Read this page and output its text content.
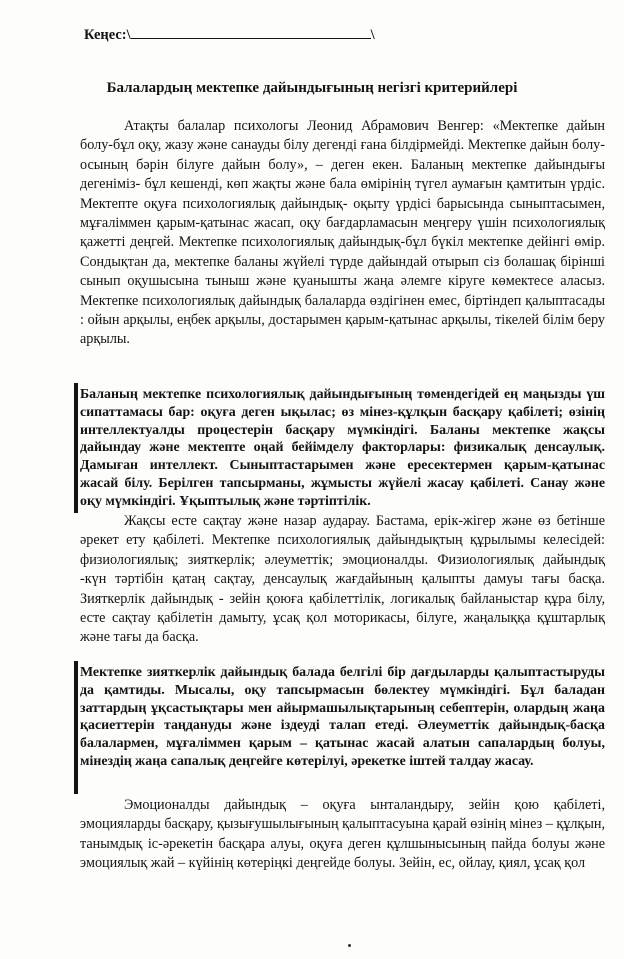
Кеңес:\	\
Балалардың мектепке дайындығының негізгі критерийлері

Атақты балалар психологы Леонид Абрамович Венгер: «Мектепке дайын болу-бұл оқу, жазу және санауды білу дегенді ғана білдірмейді. Мектепке дайын болу-осының бәрін білуге дайын болу», – деген екен. Баланың мектепке дайындығы дегеніміз- бұл кешенді, көп жақты және бала өмірінің түгел аумағын қамтитын үрдіс. Мектепте оқуға психологиялық дайындық- оқыту үрдісі барысында сыныптасымен, мұғаліммен қарым-қатынас жасап, оқу бағдарламасын меңгеру үшін психологиялық қажетті деңгей. Мектепке психологиялық дайындық-бұл бүкіл мектепке дейінгі өмір. Сондықтан да, мектепке баланы жүйелі түрде дайындай отырып сіз болашақ бірінші сынып оқушысына тыныш және қуанышты жаңа әлемге кіруге көмектесе аласыз. Мектепке психологиялық дайындық балаларда өздігінен емес, біртіндеп қалыптасады : ойын арқылы, еңбек арқылы, достарымен қарым-қатынас арқылы, тікелей білім беру арқылы.

Баланың мектепке психологиялық дайындығының төмендегідей ең маңызды үш сипаттамасы бар: оқуға деген ықылас; өз мінез-құлқын басқару қабілеті; өзінің интеллектуалды процестерін басқару мүмкіндігі. Баланы мектепке жақсы дайындау және мектепте оңай бейімделу факторлары: физикалық денсаулық. Дамыған интеллект. Сыныптастарымен және ересектермен қарым-қатынас жасай білу. Берілген тапсырманы, жұмысты жүйелі жасау қабілеті. Санау және оқу мүмкіндігі. Ұқыптылық және тәртіптілік.

Жақсы есте сақтау және назар аударау. Бастама, ерік-жігер және өз бетінше әрекет ету қабілеті. Мектепке психологиялық дайындықтың құрылымы келесідей: физиологиялық; зияткерлік; әлеуметтік; эмоционалды. Физиологиялық дайындық -күн тәртібін қатаң сақтау, денсаулық жағдайының қалыпты дамуы тағы басқа. Зияткерлік дайындық - зейін қоюға қабілеттілік, логикалық байланыстар құра білу, есте сақтау қабілетін дамыту, ұсақ қол моторикасы, білуге, жаңалыққа құштарлық және тағы да басқа.

Мектепке зияткерлік дайындық балада белгілі бір дағдыларды қалыптастыруды да қамтиды. Мысалы, оқу тапсырмасын бөлектеу мүмкіндігі. Бұл баладан заттардың ұқсастықтары мен айырмашылықтарының себептерін, олардың жаңа қасиеттерін таңдануды және іздеуді талап етеді. Әлеуметтік дайындық-басқа балалармен, мұғаліммен қарым – қатынас жасай алатын сапалардың болуы, мінездің жаңа сапалық деңгейге көтерілуі, әрекетке іштей талдау жасау.

Эмоционалды дайындық – оқуға ынталандыру, зейін қою қабілеті, эмоцияларды басқару, қызығушылығының қалыптасуына қарай өзінің мінез – құлқын, танымдық іс-әрекетін басқара алуы, оқуға деген құлшынысының пайда болуы және эмоциялық жай – күйінің көтеріңкі деңгейде болуы. Зейін, ес, ойлау, қиял, ұсақ қол
